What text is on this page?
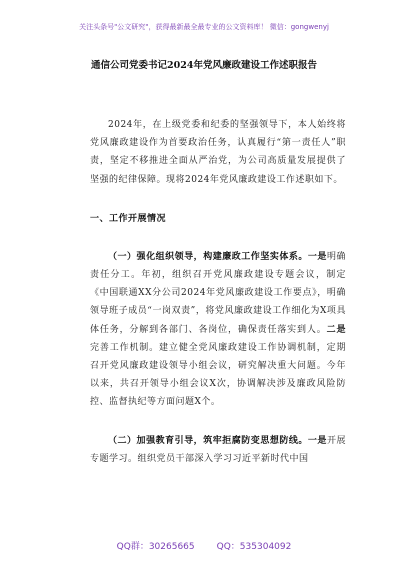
关注头条号"公文研究"，获得最新最全最专业的公文资料库！ 微信：gongwenyj
通信公司党委书记2024年党风廉政建设工作述职报告

2024年，在上级党委和纪委的坚强领导下，本人始终将党风廉政建设作为首要政治任务，认真履行“第一责任人”职责，坚定不移推进全面从严治党，为公司高质量发展提供了坚强的纪律保障。现将2024年党风廉政建设工作述职如下。

一、工作开展情况

（一）强化组织领导，构建廉政工作坚实体系。一是明确责任分工。年初，组织召开党风廉政建设专题会议，制定《中国联通XX分公司2024年党风廉政建设工作要点》，明确领导班子成员“一岗双责”，将党风廉政建设工作细化为X项具体任务，分解到各部门、各岗位，确保责任落实到人。二是完善工作机制。建立健全党风廉政建设工作协调机制，定期召开党风廉政建设领导小组会议，研究解决重大问题。今年以来，共召开领导小组会议X次，协调解决涉及廉政风险防控、监督执纪等方面问题X个。

（二）加强教育引导，筑牢拒腐防变思想防线。一是开展专题学习。组织党员干部深入学习习近平新时代中国

QQ群：30265665 QQ：535304092
